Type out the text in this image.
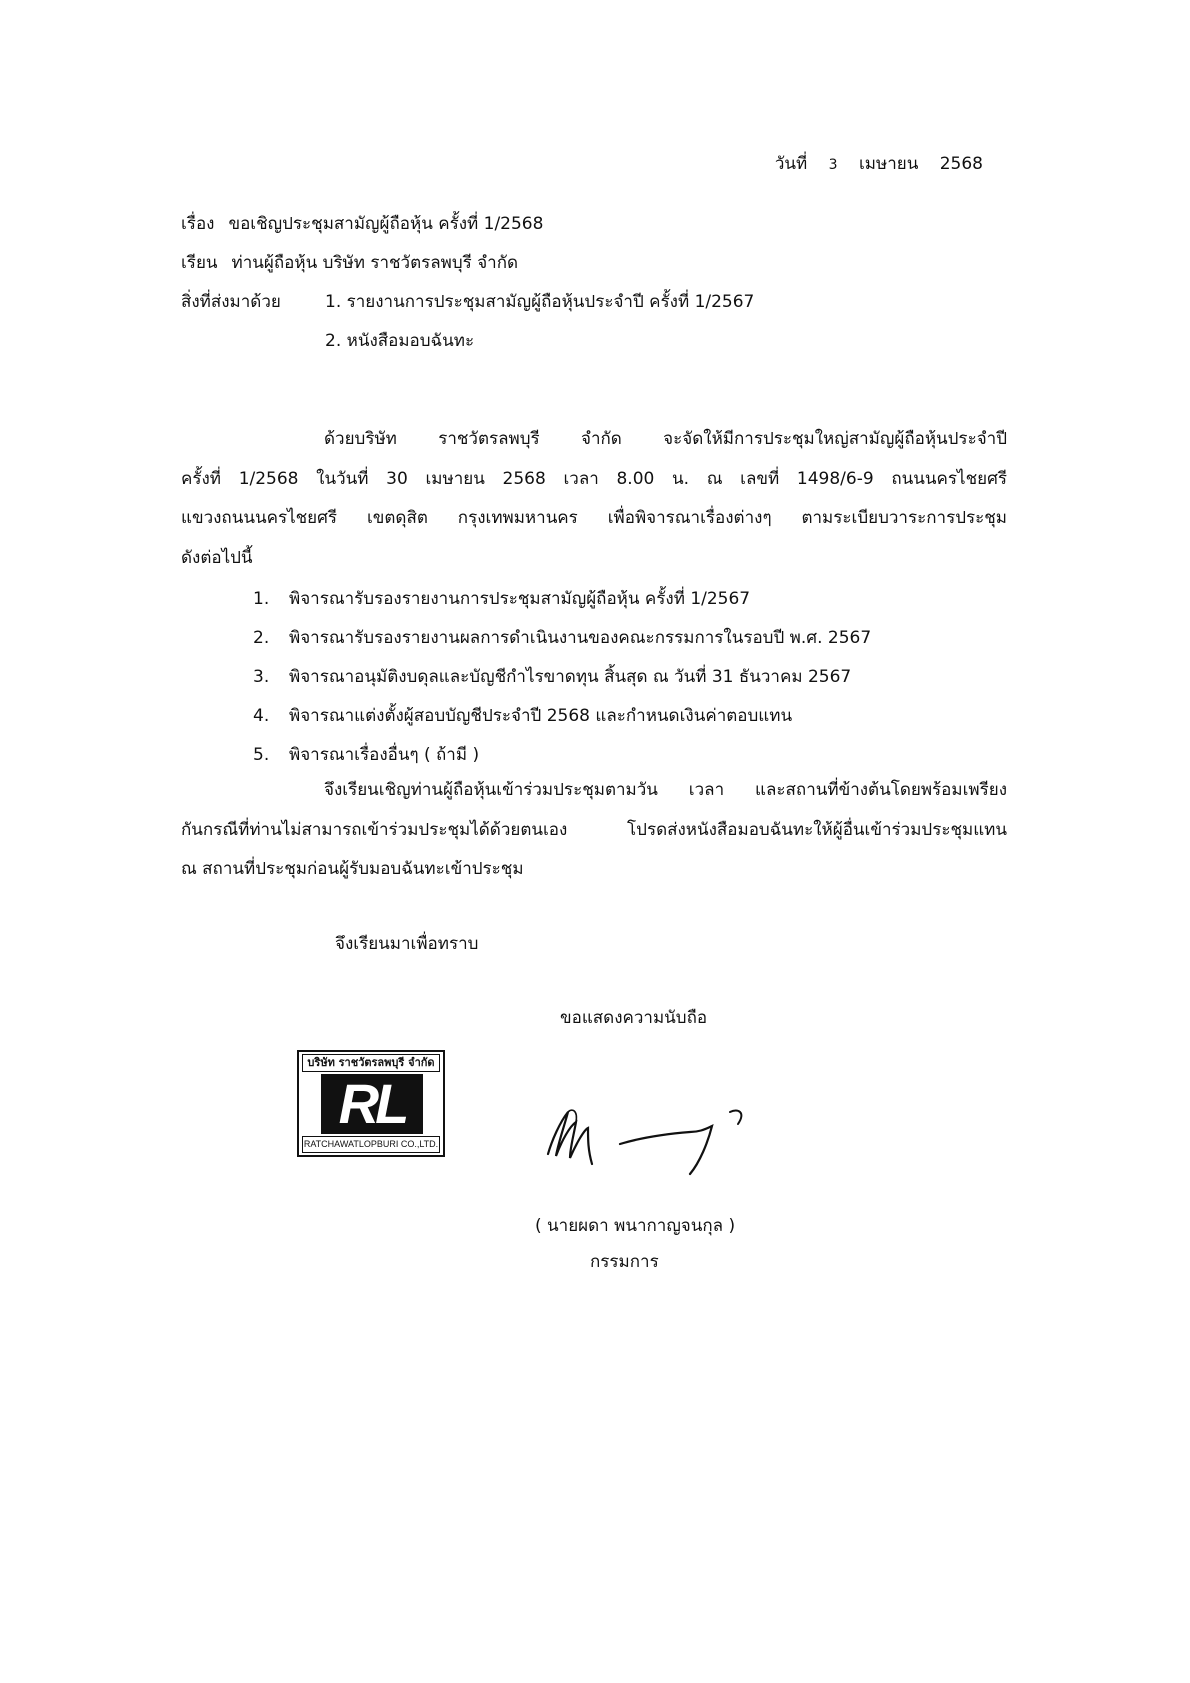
วันที่ 3 เมษายน 2568
เรื่อง ขอเชิญประชุมสามัญผู้ถือหุ้น ครั้งที่ 1/2568
เรียน ท่านผู้ถือหุ้น บริษัท ราชวัตรลพบุรี จำกัด
สิ่งที่ส่งมาด้วย	1. รายงานการประชุมสามัญผู้ถือหุ้นประจำปี ครั้งที่ 1/2567
2. หนังสือมอบฉันทะ
ด้วยบริษัท ราชวัตรลพบุรี จำกัด จะจัดให้มีการประชุมใหญ่สามัญผู้ถือหุ้นประจำปี
ครั้งที่ 1/2568 ในวันที่ 30 เมษายน 2568 เวลา 8.00 น. ณ เลขที่ 1498/6-9 ถนนนครไชยศรี
แขวงถนนนครไชยศรี เขตดุสิต กรุงเทพมหานคร เพื่อพิจารณาเรื่องต่างๆ ตามระเบียบวาระการประชุม
ดังต่อไปนี้
1. พิจารณารับรองรายงานการประชุมสามัญผู้ถือหุ้น ครั้งที่ 1/2567
2. พิจารณารับรองรายงานผลการดำเนินงานของคณะกรรมการในรอบปี พ.ศ. 2567
3. พิจารณาอนุมัติงบดุลและบัญชีกำไรขาดทุน สิ้นสุด ณ วันที่ 31 ธันวาคม 2567
4. พิจารณาแต่งตั้งผู้สอบบัญชีประจำปี 2568 และกำหนดเงินค่าตอบแทน
5. พิจารณาเรื่องอื่นๆ ( ถ้ามี )
จึงเรียนเชิญท่านผู้ถือหุ้นเข้าร่วมประชุมตามวัน เวลา และสถานที่ข้างต้นโดยพร้อมเพรียง
กันกรณีที่ท่านไม่สามารถเข้าร่วมประชุมได้ด้วยตนเอง โปรดส่งหนังสือมอบฉันทะให้ผู้อื่นเข้าร่วมประชุมแทน
ณ สถานที่ประชุมก่อนผู้รับมอบฉันทะเข้าประชุม
จึงเรียนมาเพื่อทราบ
ขอแสดงความนับถือ
บริษัท ราชวัตรลพบุรี จำกัด
RL
RATCHAWATLOPBURI CO.,LTD.
( นายผดา พนากาญจนกุล )
กรรมการ
